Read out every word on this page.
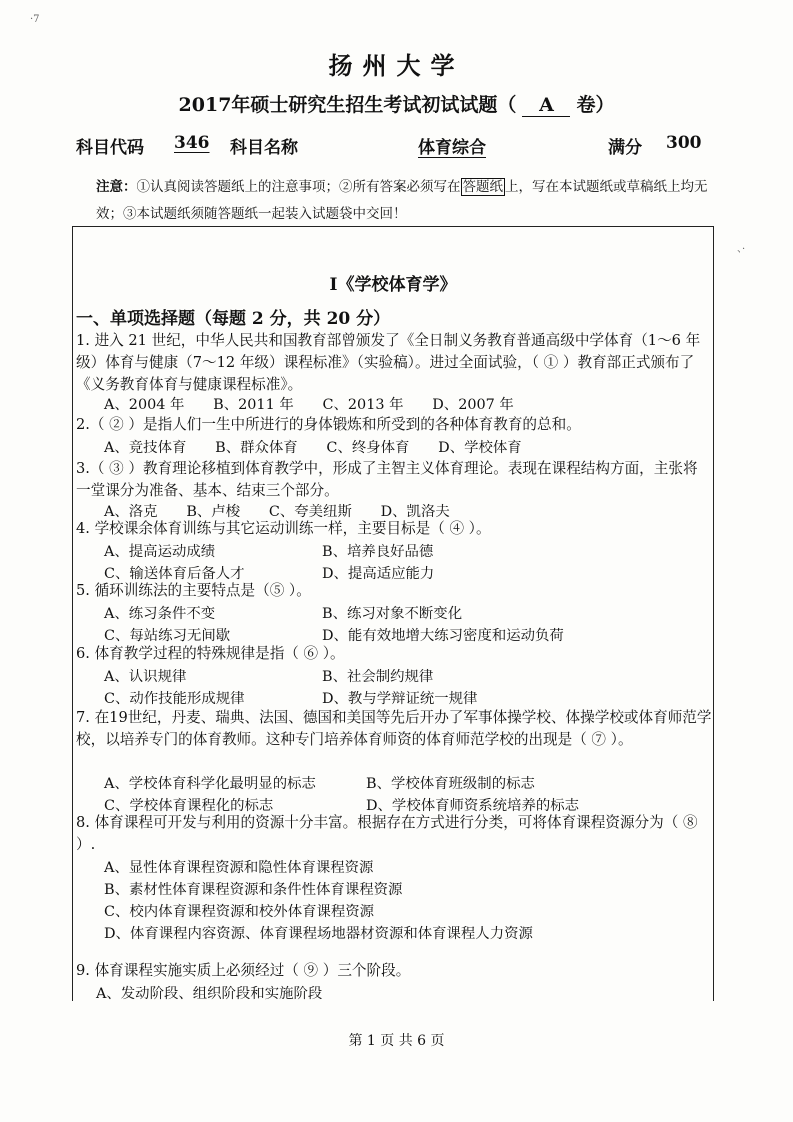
·7
、·
扬州大学
2017年硕士研究生招生考试初试试题（ A 卷）
科目代码 346 科目名称	体育综合	满分 300
注意：①认真阅读答题纸上的注意事项；②所有答案必须写在 答题纸 上，写在本试题纸或草稿纸上均无效；③本试题纸须随答题纸一起装入试题袋中交回！
Ⅰ《学校体育学》
一、单项选择题（每题 2 分，共 20 分）
1. 进入 21 世纪，中华人民共和国教育部曾颁发了《全日制义务教育普通高级中学体育（1～6 年级）体育与健康（7～12 年级）课程标准》（实验稿）。进过全面试验，（ ① ）教育部正式颁布了《义务教育体育与健康课程标准》。
A、2004 年　　B、2011 年　　C、2013 年　　D、2007 年
2.（ ② ）是指人们一生中所进行的身体锻炼和所受到的各种体育教育的总和。
A、竞技体育　　B、群众体育　　C、终身体育　　D、学校体育
3.（ ③ ）教育理论移植到体育教学中，形成了主智主义体育理论。表现在课程结构方面，主张将一堂课分为准备、基本、结束三个部分。
A、洛克　　B、卢梭　　C、夸美纽斯　　D、凯洛夫
4. 学校课余体育训练与其它运动训练一样，主要目标是（ ④ ）。
A、提高运动成绩	B、培养良好品德
C、输送体育后备人才	D、提高适应能力
5. 循环训练法的主要特点是（⑤ ）。
A、练习条件不变	B、练习对象不断变化
C、每站练习无间歇	D、能有效地增大练习密度和运动负荷
6. 体育教学过程的特殊规律是指（ ⑥ ）。
A、认识规律	B、社会制约规律
C、动作技能形成规律	D、教与学辩证统一规律
7. 在19世纪，丹麦、瑞典、法国、德国和美国等先后开办了军事体操学校、体操学校或体育师范学校，以培养专门的体育教师。这种专门培养体育师资的体育师范学校的出现是（ ⑦ ）。
A、学校体育科学化最明显的标志	B、学校体育班级制的标志
C、学校体育课程化的标志	D、学校体育师资系统培养的标志
8. 体育课程可开发与利用的资源十分丰富。根据存在方式进行分类，可将体育课程资源分为（ ⑧ ）.
A、显性体育课程资源和隐性体育课程资源
B、素材性体育课程资源和条件性体育课程资源
C、校内体育课程资源和校外体育课程资源
D、体育课程内容资源、体育课程场地器材资源和体育课程人力资源
9. 体育课程实施实质上必须经过（ ⑨ ）三个阶段。
A、发动阶段、组织阶段和实施阶段
第 1 页 共 6 页
